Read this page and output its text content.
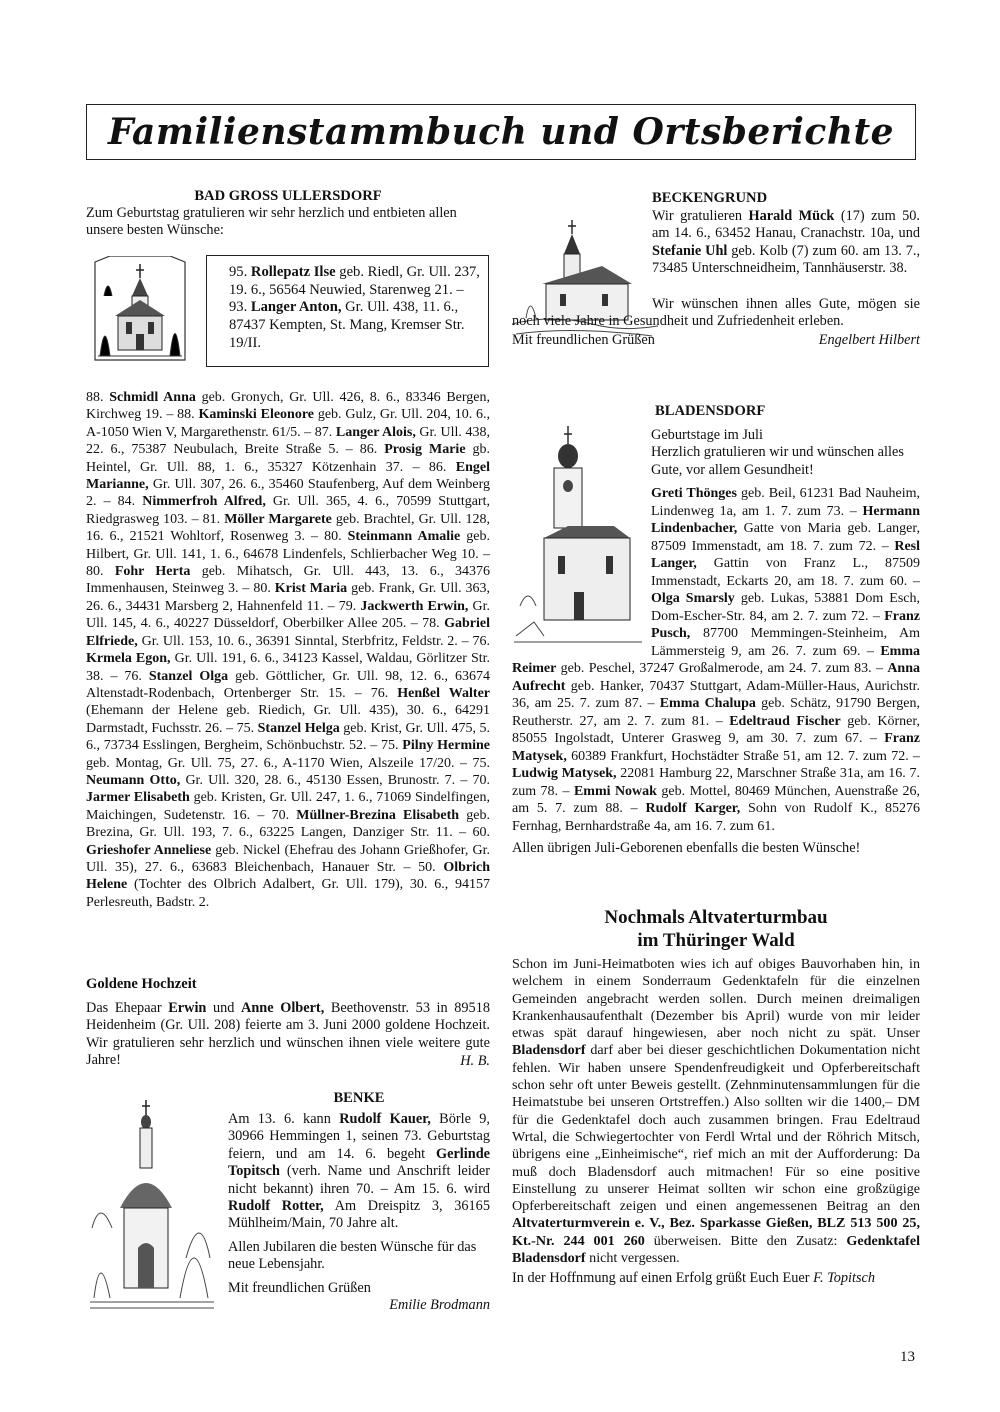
Familienstammbuch und Ortsberichte

BAD GROSS ULLERSDORF

Zum Geburtstag gratulieren wir sehr herzlich und entbieten allen unsere besten Wünsche:

95. Rollepatz Ilse geb. Riedl, Gr. Ull. 237, 19. 6., 56564 Neuwied, Starenweg 21. – 93. Langer Anton, Gr. Ull. 438, 11. 6., 87437 Kempten, St. Mang, Kremser Str. 19/II.

88. Schmidl Anna geb. Gronych, Gr. Ull. 426, 8. 6., 83346 Bergen, Kirchweg 19. – 88. Kaminski Eleonore geb. Gulz, Gr. Ull. 204, 10. 6., A-1050 Wien V, Margarethenstr. 61/5. – 87. Langer Alois, Gr. Ull. 438, 22. 6., 75387 Neubulach, Breite Straße 5. – 86. Prosig Marie gb. Heintel, Gr. Ull. 88, 1. 6., 35327 Kötzenhain 37. – 86. Engel Marianne, Gr. Ull. 307, 26. 6., 35460 Staufenberg, Auf dem Weinberg 2. – 84. Nimmerfroh Alfred, Gr. Ull. 365, 4. 6., 70599 Stuttgart, Riedgrasweg 103. – 81. Möller Margarete geb. Brachtel, Gr. Ull. 128, 16. 6., 21521 Wohltorf, Rosenweg 3. – 80. Steinmann Amalie geb. Hilbert, Gr. Ull. 141, 1. 6., 64678 Lindenfels, Schlierbacher Weg 10. – 80. Fohr Herta geb. Mihatsch, Gr. Ull. 443, 13. 6., 34376 Immenhausen, Steinweg 3. – 80. Krist Maria geb. Frank, Gr. Ull. 363, 26. 6., 34431 Marsberg 2, Hahnenfeld 11. – 79. Jackwerth Erwin, Gr. Ull. 145, 4. 6., 40227 Düsseldorf, Oberbilker Allee 205. – 78. Gabriel Elfriede, Gr. Ull. 153, 10. 6., 36391 Sinntal, Sterbfritz, Feldstr. 2. – 76. Krmela Egon, Gr. Ull. 191, 6. 6., 34123 Kassel, Waldau, Görlitzer Str. 38. – 76. Stanzel Olga geb. Göttlicher, Gr. Ull. 98, 12. 6., 63674 Altenstadt-Rodenbach, Ortenberger Str. 15. – 76. Henßel Walter (Ehemann der Helene geb. Riedich, Gr. Ull. 435), 30. 6., 64291 Darmstadt, Fuchsstr. 26. – 75. Stanzel Helga geb. Krist, Gr. Ull. 475, 5. 6., 73734 Esslingen, Bergheim, Schönbuchstr. 52. – 75. Pilny Hermine geb. Montag, Gr. Ull. 75, 27. 6., A-1170 Wien, Alszeile 17/20. – 75. Neumann Otto, Gr. Ull. 320, 28. 6., 45130 Essen, Brunostr. 7. – 70. Jarmer Elisabeth geb. Kristen, Gr. Ull. 247, 1. 6., 71069 Sindelfingen, Maichingen, Sudetenstr. 16. – 70. Müllner-Brezina Elisabeth geb. Brezina, Gr. Ull. 193, 7. 6., 63225 Langen, Danziger Str. 11. – 60. Grieshofer Anneliese geb. Nickel (Ehefrau des Johann Grießhofer, Gr. Ull. 35), 27. 6., 63683 Bleichenbach, Hanauer Str. – 50. Olbrich Helene (Tochter des Olbrich Adalbert, Gr. Ull. 179), 30. 6., 94157 Perlesreuth, Badstr. 2.

Goldene Hochzeit

Das Ehepaar Erwin und Anne Olbert, Beethovenstr. 53 in 89518 Heidenheim (Gr. Ull. 208) feierte am 3. Juni 2000 goldene Hochzeit. Wir gratulieren sehr herzlich und wünschen ihnen viele weitere gute Jahre!	H. B.

BENKE

Am 13. 6. kann Rudolf Kauer, Börle 9, 30966 Hemmingen 1, seinen 73. Geburtstag feiern, und am 14. 6. begeht Gerlinde Topitsch (verh. Name und Anschrift leider nicht bekannt) ihren 70. – Am 15. 6. wird Rudolf Rotter, Am Dreispitz 3, 36165 Mühlheim/Main, 70 Jahre alt.

Allen Jubilaren die besten Wünsche für das neue Lebensjahr.

Mit freundlichen Grüßen

Emilie Brodmann

BECKENGRUND

Wir gratulieren Harald Mück (17) zum 50. am 14. 6., 63452 Hanau, Cranachstr. 10a, und Stefanie Uhl geb. Kolb (7) zum 60. am 13. 7., 73485 Unterschneidheim, Tannhäuserstr. 38.

Wir wünschen ihnen alles Gute, mögen sie noch viele Jahre in Gesundheit und Zufriedenheit erleben.

Mit freundlichen Grüßen	Engelbert Hilbert

BLADENSDORF

Geburtstage im Juli

Herzlich gratulieren wir und wünschen alles Gute, vor allem Gesundheit!

Greti Thönges geb. Beil, 61231 Bad Nauheim, Lindenweg 1a, am 1. 7. zum 73. – Hermann Lindenbacher, Gatte von Maria geb. Langer, 87509 Immenstadt, am 18. 7. zum 72. – Resl Langer, Gattin von Franz L., 87509 Immenstadt, Eckarts 20, am 18. 7. zum 60. – Olga Smarsly geb. Lukas, 53881 Dom Esch, Dom-Escher-Str. 84, am 2. 7. zum 72. – Franz Pusch, 87700 Memmingen-Steinheim, Am Lämmersteig 9, am 26. 7. zum 69. – Emma Reimer geb. Peschel, 37247 Großalmerode, am 24. 7. zum 83. – Anna Aufrecht geb. Hanker, 70437 Stuttgart, Adam-Müller-Haus, Aurichstr. 36, am 25. 7. zum 87. – Emma Chalupa geb. Schätz, 91790 Bergen, Reutherstr. 27, am 2. 7. zum 81. – Edeltraud Fischer geb. Körner, 85055 Ingolstadt, Unterer Grasweg 9, am 30. 7. zum 67. – Franz Matysek, 60389 Frankfurt, Hochstädter Straße 51, am 12. 7. zum 72. – Ludwig Matysek, 22081 Hamburg 22, Marschner Straße 31a, am 16. 7. zum 78. – Emmi Nowak geb. Mottel, 80469 München, Auenstraße 26, am 5. 7. zum 88. – Rudolf Karger, Sohn von Rudolf K., 85276 Fernhag, Bernhardstraße 4a, am 16. 7. zum 61.

Allen übrigen Juli-Geborenen ebenfalls die besten Wünsche!

Nochmals Altvaterturmbau

im Thüringer Wald

Schon im Juni-Heimatboten wies ich auf obiges Bauvorhaben hin, in welchem in einem Sonderraum Gedenktafeln für die einzelnen Gemeinden angebracht werden sollen. Durch meinen dreimaligen Krankenhausaufenthalt (Dezember bis April) wurde von mir leider etwas spät darauf hingewiesen, aber noch nicht zu spät. Unser Bladensdorf darf aber bei dieser geschichtlichen Dokumentation nicht fehlen. Wir haben unsere Spendenfreudigkeit und Opferbereitschaft schon sehr oft unter Beweis gestellt. (Zehnminutensammlungen für die Heimatstube bei unseren Ortstreffen.) Also sollten wir die 1400,– DM für die Gedenktafel doch auch zusammen bringen. Frau Edeltraud Wrtal, die Schwiegertochter von Ferdl Wrtal und der Röhrich Mitsch, übrigens eine „Einheimische“, rief mich an mit der Aufforderung: Da muß doch Bladensdorf auch mitmachen! Für so eine positive Einstellung zu unserer Heimat sollten wir schon eine großzügige Opferbereitschaft zeigen und einen angemessenen Beitrag an den Altvaterturmverein e. V., Bez. Sparkasse Gießen, BLZ 513 500 25, Kt.-Nr. 244 001 260 überweisen. Bitte den Zusatz: Gedenktafel Bladensdorf nicht vergessen.

In der Hoffnmung auf einen Erfolg grüßt Euch Euer F. Topitsch

13
